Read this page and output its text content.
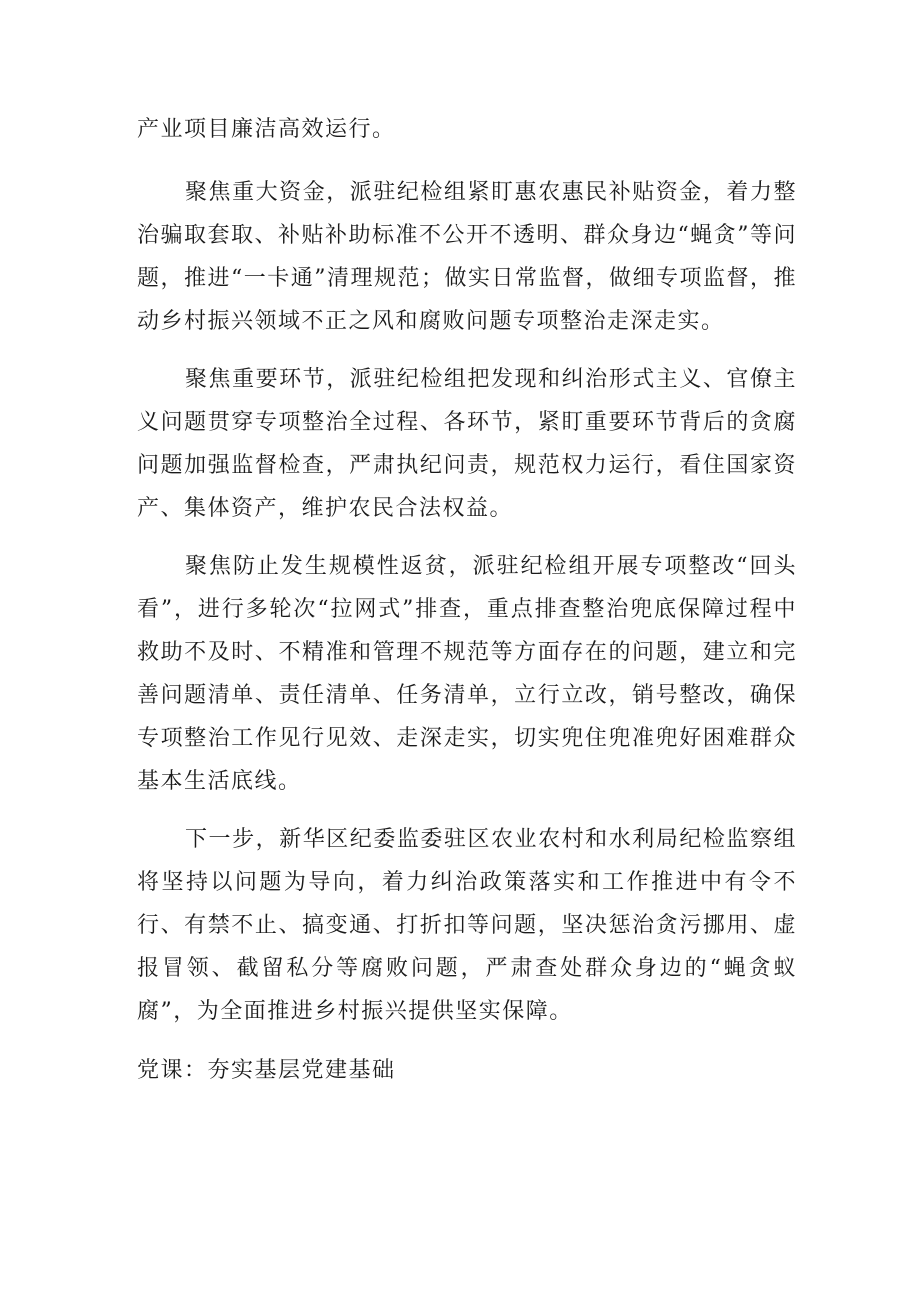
产业项目廉洁高效运行。

聚焦重大资金，派驻纪检组紧盯惠农惠民补贴资金，着力整治骗取套取、补贴补助标准不公开不透明、群众身边“蝇贪”等问题，推进“一卡通”清理规范；做实日常监督，做细专项监督，推动乡村振兴领域不正之风和腐败问题专项整治走深走实。

聚焦重要环节，派驻纪检组把发现和纠治形式主义、官僚主义问题贯穿专项整治全过程、各环节，紧盯重要环节背后的贪腐问题加强监督检查，严肃执纪问责，规范权力运行，看住国家资产、集体资产，维护农民合法权益。

聚焦防止发生规模性返贫，派驻纪检组开展专项整改“回头看”，进行多轮次“拉网式”排查，重点排查整治兜底保障过程中救助不及时、不精准和管理不规范等方面存在的问题，建立和完善问题清单、责任清单、任务清单，立行立改，销号整改，确保专项整治工作见行见效、走深走实，切实兜住兜准兜好困难群众基本生活底线。

下一步，新华区纪委监委驻区农业农村和水利局纪检监察组将坚持以问题为导向，着力纠治政策落实和工作推进中有令不行、有禁不止、搞变通、打折扣等问题，坚决惩治贪污挪用、虚报冒领、截留私分等腐败问题，严肃查处群众身边的“蝇贪蚁腐”，为全面推进乡村振兴提供坚实保障。

党课：夯实基层党建基础
